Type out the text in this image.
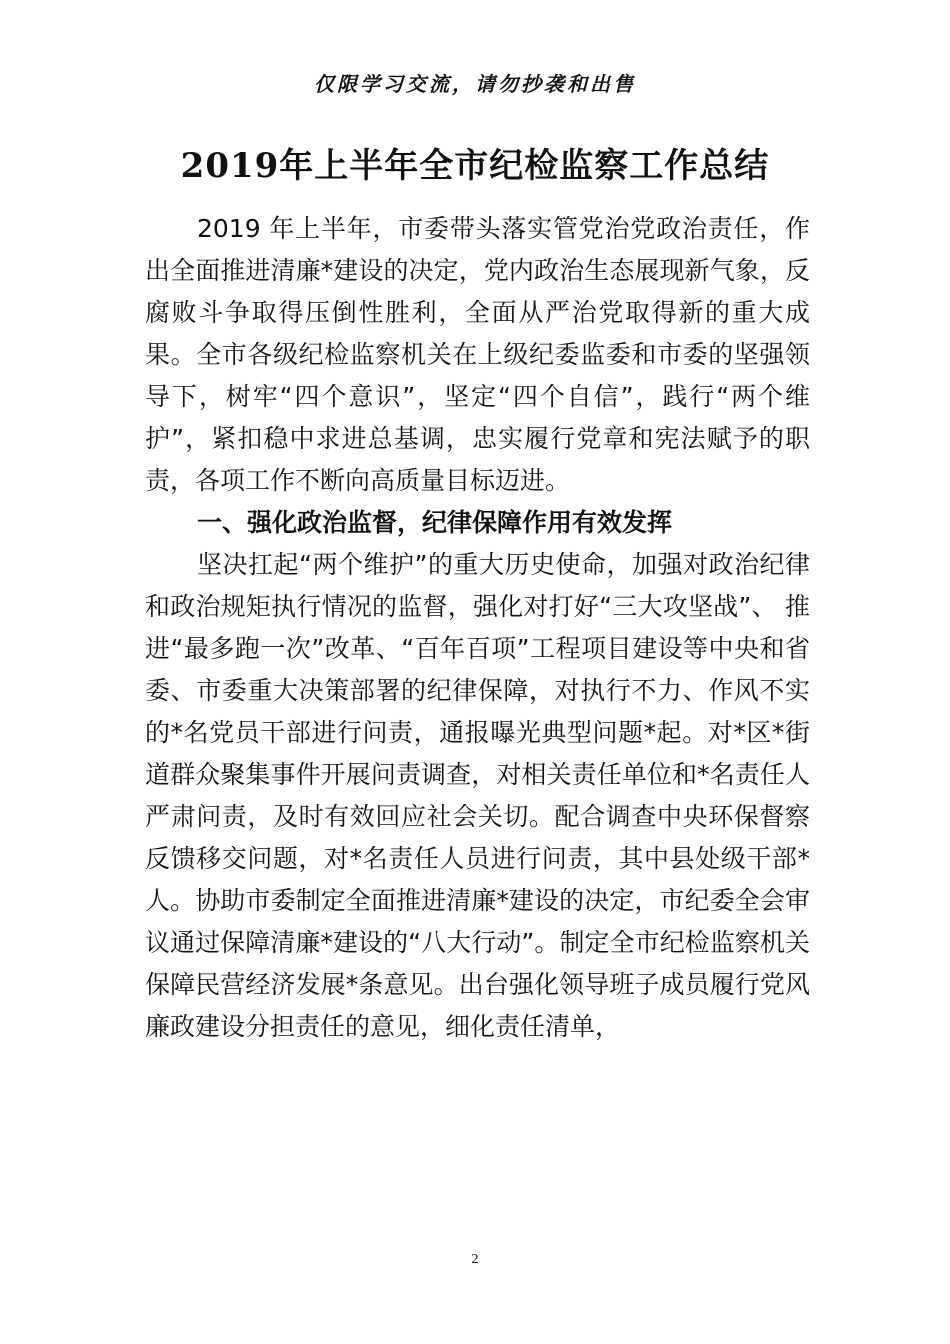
仅限学习交流，请勿抄袭和出售
2019年上半年全市纪检监察工作总结

2019 年上半年，市委带头落实管党治党政治责任，作出全面推进清廉*建设的决定，党内政治生态展现新气象，反腐败斗争取得压倒性胜利，全面从严治党取得新的重大成果。全市各级纪检监察机关在上级纪委监委和市委的坚强领导下，树牢“四个意识”，坚定“四个自信”，践行“两个维护”，紧扣稳中求进总基调，忠实履行党章和宪法赋予的职责，各项工作不断向高质量目标迈进。

一、强化政治监督，纪律保障作用有效发挥

坚决扛起“两个维护”的重大历史使命，加强对政治纪律和政治规矩执行情况的监督，强化对打好“三大攻坚战”、 推进“最多跑一次”改革、“百年百项”工程项目建设等中央和省委、市委重大决策部署的纪律保障，对执行不力、作风不实的*名党员干部进行问责，通报曝光典型问题*起。对*区*街道群众聚集事件开展问责调查，对相关责任单位和*名责任人严肃问责，及时有效回应社会关切。配合调查中央环保督察反馈移交问题，对*名责任人员进行问责，其中县处级干部*人。协助市委制定全面推进清廉*建设的决定，市纪委全会审议通过保障清廉*建设的“八大行动”。制定全市纪检监察机关保障民营经济发展*条意见。出台强化领导班子成员履行党风廉政建设分担责任的意见，细化责任清单，

2
